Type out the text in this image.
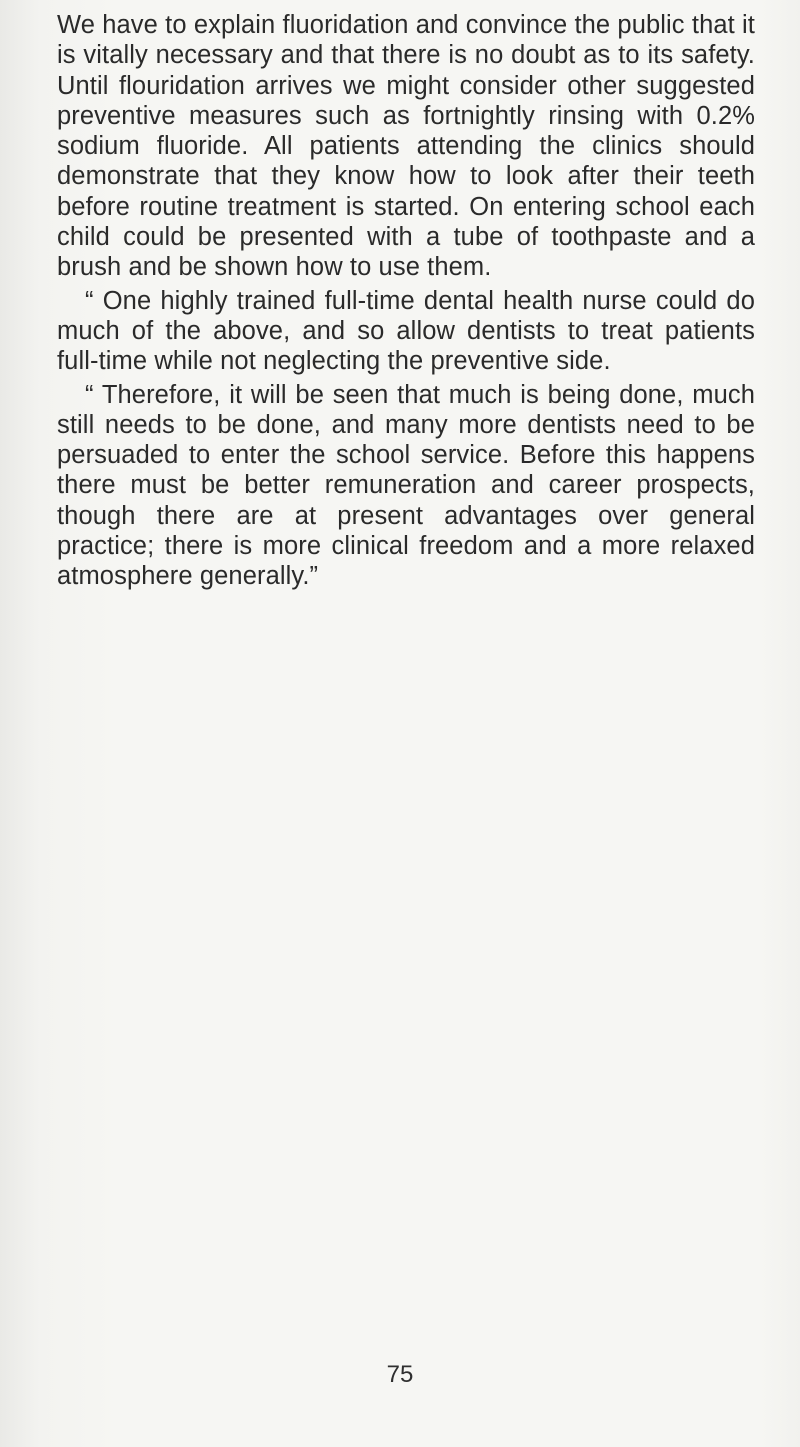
We have to explain fluoridation and convince the public that it is vitally necessary and that there is no doubt as to its safety. Until flouridation arrives we might consider other suggested preventive measures such as fortnightly rinsing with 0.2% sodium fluoride. All patients attending the clinics should demonstrate that they know how to look after their teeth before routine treatment is started. On entering school each child could be presented with a tube of toothpaste and a brush and be shown how to use them.

“ One highly trained full-time dental health nurse could do much of the above, and so allow dentists to treat patients full-time while not neglecting the preventive side.

“ Therefore, it will be seen that much is being done, much still needs to be done, and many more dentists need to be persuaded to enter the school service. Before this happens there must be better remuneration and career prospects, though there are at present advantages over general practice; there is more clinical freedom and a more relaxed atmosphere generally.”

75
